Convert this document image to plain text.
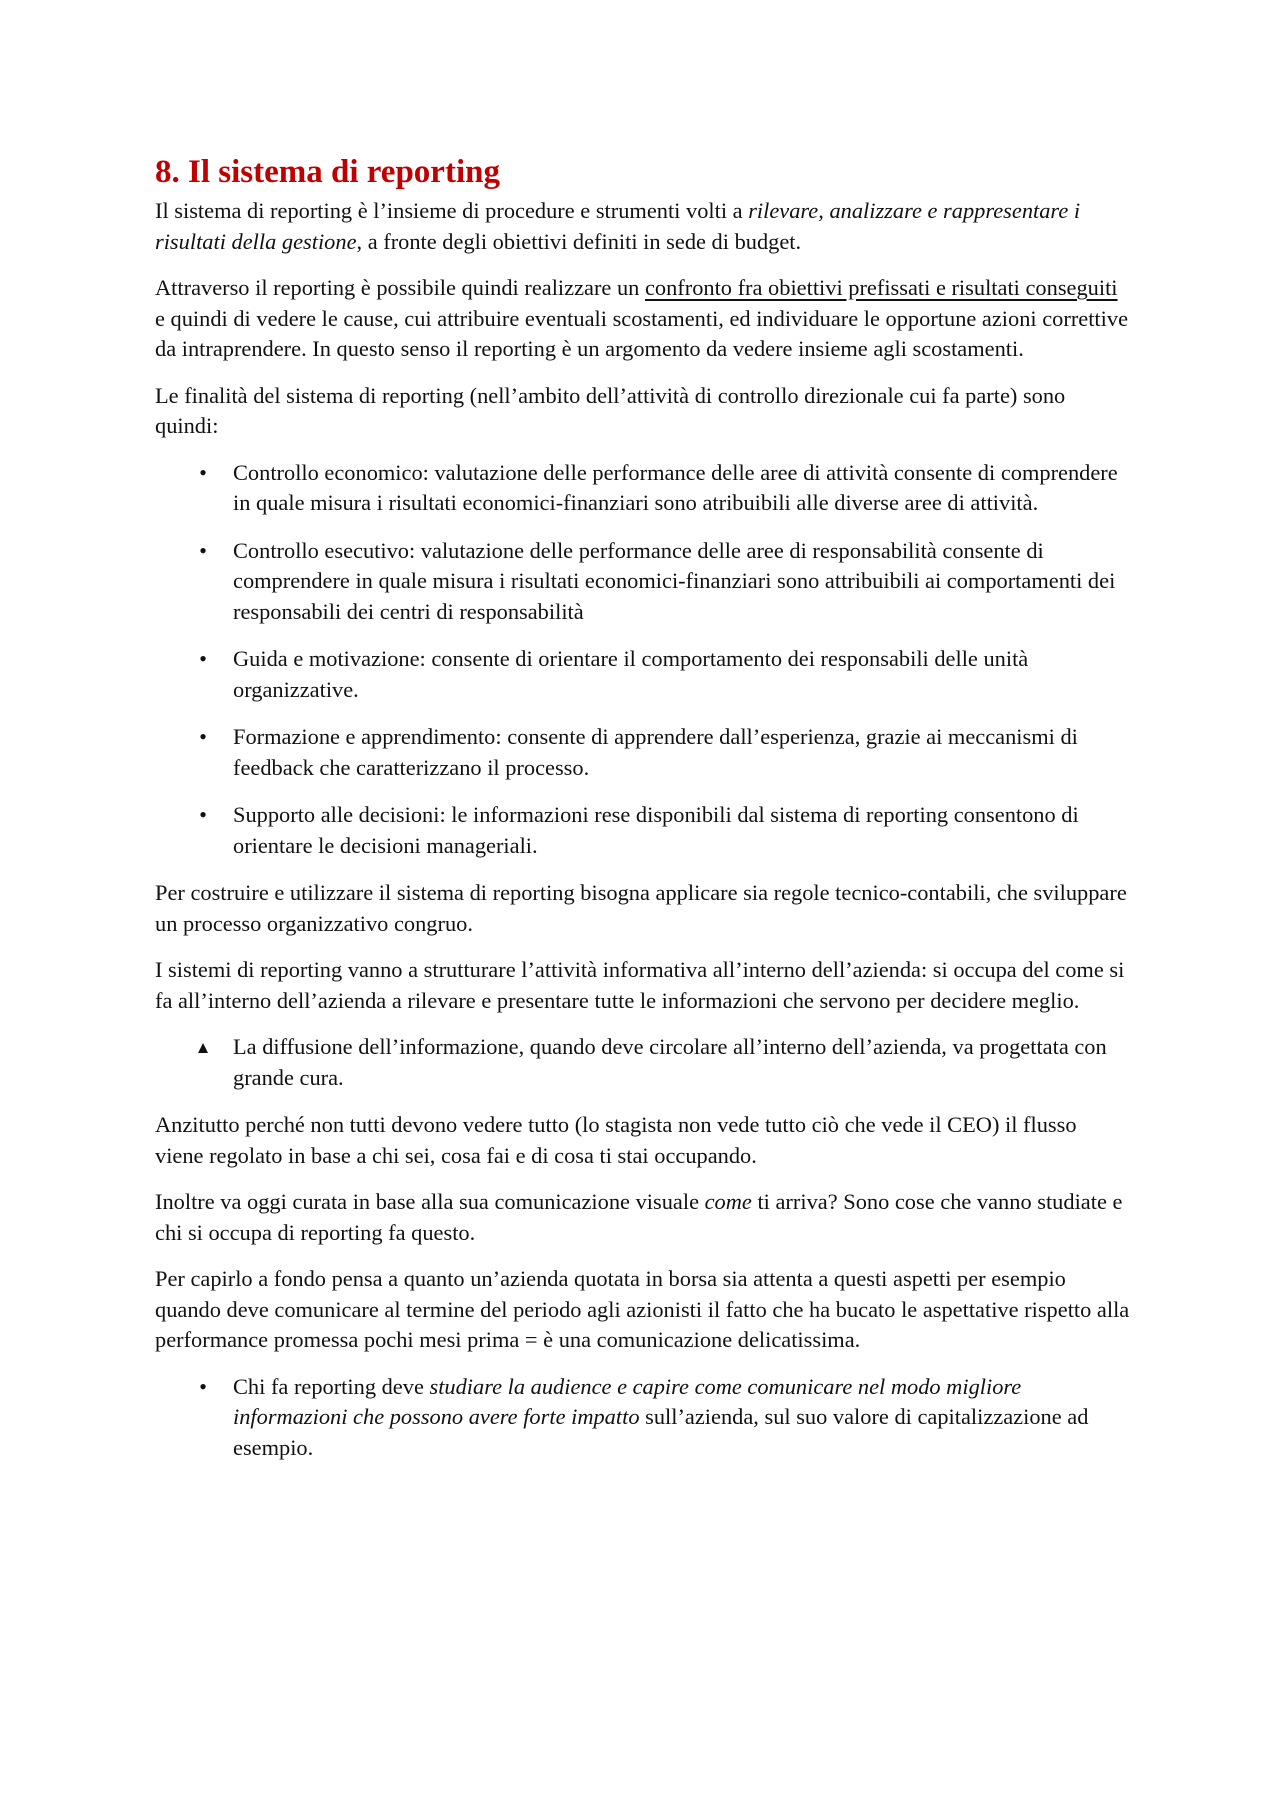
8. Il sistema di reporting

Il sistema di reporting è l’insieme di procedure e strumenti volti a rilevare, analizzare e rappresentare i risultati della gestione, a fronte degli obiettivi definiti in sede di budget.

Attraverso il reporting è possibile quindi realizzare un confronto fra obiettivi prefissati e risultati conseguiti e quindi di vedere le cause, cui attribuire eventuali scostamenti, ed individuare le opportune azioni correttive da intraprendere. In questo senso il reporting è un argomento da vedere insieme agli scostamenti.

Le finalità del sistema di reporting (nell’ambito dell’attività di controllo direzionale cui fa parte) sono quindi:

• Controllo economico: valutazione delle performance delle aree di attività consente di comprendere in quale misura i risultati economici-finanziari sono atribuibili alle diverse aree di attività.
• Controllo esecutivo: valutazione delle performance delle aree di responsabilità consente di comprendere in quale misura i risultati economici-finanziari sono attribuibili ai comportamenti dei responsabili dei centri di responsabilità
• Guida e motivazione: consente di orientare il comportamento dei responsabili delle unità organizzative.
• Formazione e apprendimento: consente di apprendere dall’esperienza, grazie ai meccanismi di feedback che caratterizzano il processo.
• Supporto alle decisioni: le informazioni rese disponibili dal sistema di reporting consentono di orientare le decisioni manageriali.

Per costruire e utilizzare il sistema di reporting bisogna applicare sia regole tecnico-contabili, che sviluppare un processo organizzativo congruo.

I sistemi di reporting vanno a strutturare l’attività informativa all’interno dell’azienda: si occupa del come si fa all’interno dell’azienda a rilevare e presentare tutte le informazioni che servono per decidere meglio.

▲ La diffusione dell’informazione, quando deve circolare all’interno dell’azienda, va progettata con grande cura.

Anzitutto perché non tutti devono vedere tutto (lo stagista non vede tutto ciò che vede il CEO) il flusso viene regolato in base a chi sei, cosa fai e di cosa ti stai occupando.

Inoltre va oggi curata in base alla sua comunicazione visuale come ti arriva? Sono cose che vanno studiate e chi si occupa di reporting fa questo.

Per capirlo a fondo pensa a quanto un’azienda quotata in borsa sia attenta a questi aspetti per esempio quando deve comunicare al termine del periodo agli azionisti il fatto che ha bucato le aspettative rispetto alla performance promessa pochi mesi prima = è una comunicazione delicatissima.

• Chi fa reporting deve studiare la audience e capire come comunicare nel modo migliore informazioni che possono avere forte impatto sull’azienda, sul suo valore di capitalizzazione ad esempio.
